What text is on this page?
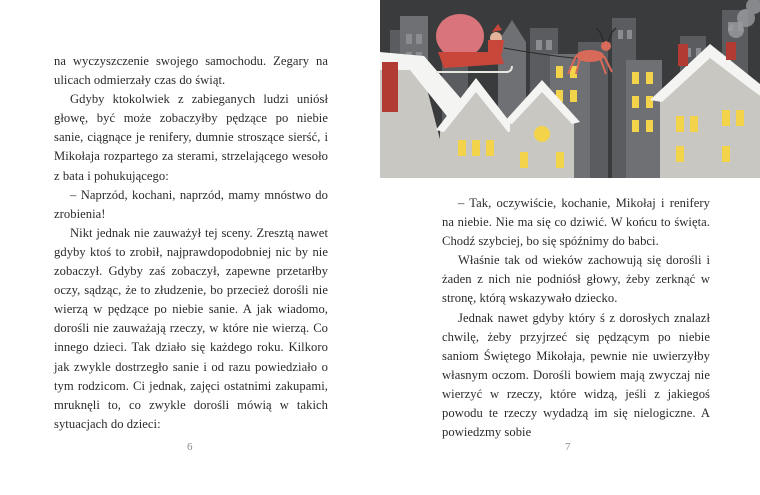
na wyczyszczenie swojego samochodu. Zegary na ulicach odmierzały czas do świąt.

Gdyby ktokolwiek z zabieganych ludzi uniósł głowę, być może zobaczyłby pędzące po niebie sanie, ciągnące je renifery, dumnie stroszące sierść, i Mikołaja rozpartego za sterami, strzelającego wesoło z bata i pohukującego:

– Naprzód, kochani, naprzód, mamy mnóstwo do zrobienia!

Nikt jednak nie zauważył tej sceny. Zresztą nawet gdyby ktoś to zrobił, najprawdopodobniej nic by nie zobaczył. Gdyby zaś zobaczył, zapewne przetarłby oczy, sądząc, że to złudzenie, bo przecież dorośli nie wierzą w pędzące po niebie sanie. A jak wiadomo, dorośli nie zauważają rzeczy, w które nie wierzą. Co innego dzieci. Tak działo się każdego roku. Kilkoro jak zwykle dostrzegło sanie i od razu powiedziało o tym rodzicom. Ci jednak, zajęci ostatnimi zakupami, mruknęli to, co zwykle dorośli mówią w takich sytuacjach do dzieci:

6

– Tak, oczywiście, kochanie, Mikołaj i renifery na niebie. Nie ma się co dziwić. W końcu to święta. Chodź szybciej, bo się spóźnimy do babci.

Właśnie tak od wieków zachowują się dorośli i żaden z nich nie podniósł głowy, żeby zerknąć w stronę, którą wskazywało dziecko.

Jednak nawet gdyby który ś z dorosłych znalazł chwilę, żeby przyjrzeć się pędzącym po niebie saniom Świętego Mikołaja, pewnie nie uwierzyłby własnym oczom. Dorośli bowiem mają zwyczaj nie wierzyć w rzeczy, które widzą, jeśli z jakiegoś powodu te rzeczy wydadzą im się nielogiczne. A powiedzmy sobie

7
